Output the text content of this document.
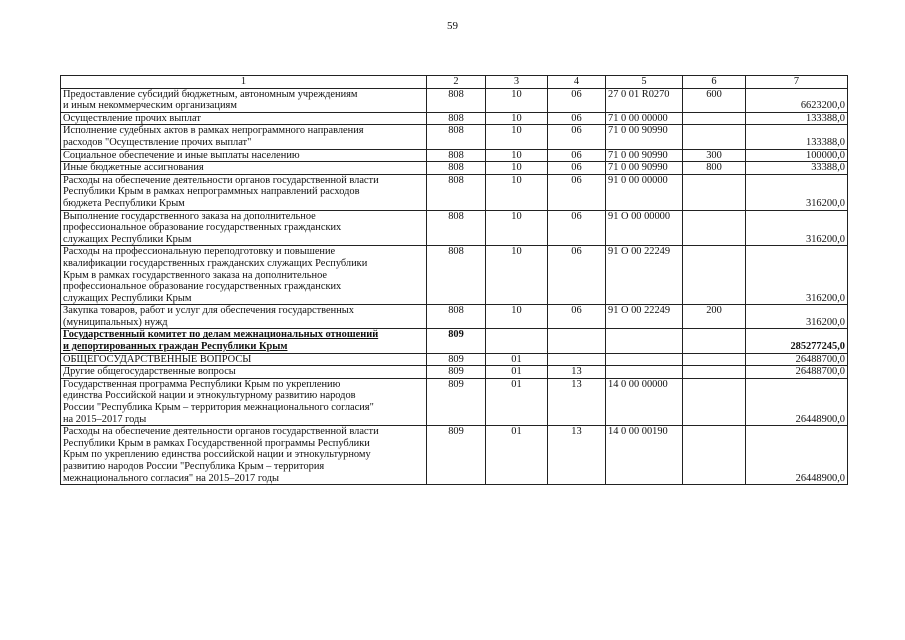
59
1	2	3	4	5	6	7
Предоставление субсидий бюджетным, автономным учреждениям
и иным некоммерческим организациям	808	10	06	27 0 01 R0270	600	6623200,0
Осуществление прочих выплат	808	10	06	71 0 00 00000		133388,0
Исполнение судебных актов в рамках непрограммного направления
расходов "Осуществление прочих выплат"	808	10	06	71 0 00 90990		133388,0
Социальное обеспечение и иные выплаты населению	808	10	06	71 0 00 90990	300	100000,0
Иные бюджетные ассигнования	808	10	06	71 0 00 90990	800	33388,0
Расходы на обеспечение деятельности органов государственной власти
Республики Крым в рамках непрограммных направлений расходов
бюджета Республики Крым	808	10	06	91 0 00 00000		316200,0
Выполнение государственного заказа на дополнительное
профессиональное образование государственных гражданских
служащих Республики Крым	808	10	06	91 О 00 00000		316200,0
Расходы на профессиональную переподготовку и повышение
квалификации государственных гражданских служащих Республики
Крым в рамках государственного заказа на дополнительное
профессиональное образование государственных гражданских
служащих Республики Крым	808	10	06	91 О 00 22249		316200,0
Закупка товаров, работ и услуг для обеспечения государственных
(муниципальных) нужд	808	10	06	91 О 00 22249	200	316200,0
Государственный комитет по делам межнациональных отношений
и депортированных граждан Республики Крым	809					285277245,0
ОБЩЕГОСУДАРСТВЕННЫЕ ВОПРОСЫ	809	01				26488700,0
Другие общегосударственные вопросы	809	01	13			26488700,0
Государственная программа Республики Крым по укреплению
единства Российской нации и этнокультурному развитию народов
России "Республика Крым – территория межнационального согласия"
на 2015–2017 годы	809	01	13	14 0 00 00000		26448900,0
Расходы на обеспечение деятельности органов государственной власти
Республики Крым в рамках Государственной программы Республики
Крым по укреплению единства российской нации и этнокультурному
развитию народов России "Республика Крым – территория
межнационального согласия" на 2015–2017 годы	809	01	13	14 0 00 00190		26448900,0
